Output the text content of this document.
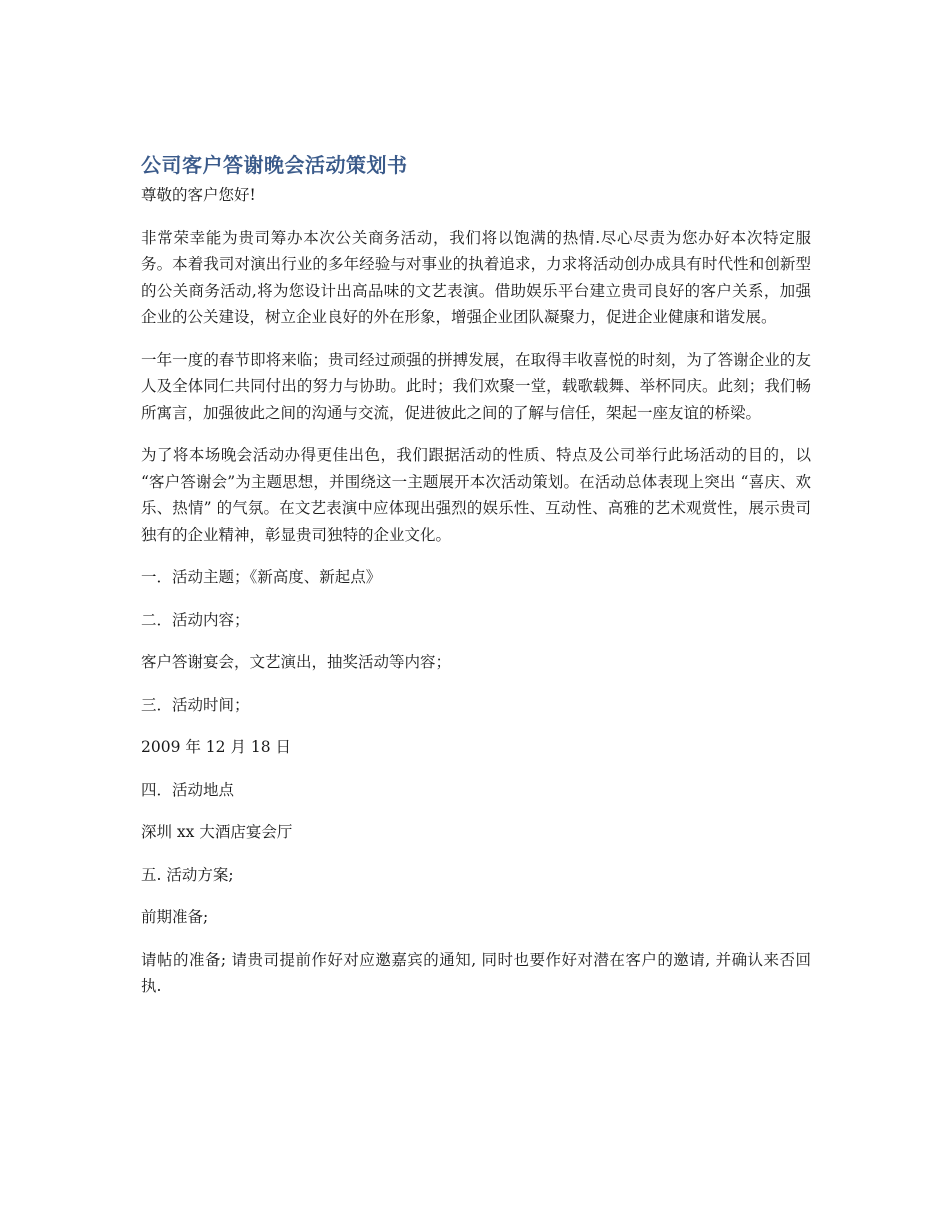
公司客户答谢晚会活动策划书

尊敬的客户您好!

非常荣幸能为贵司筹办本次公关商务活动，我们将以饱满的热情.尽心尽责为您办好本次特定服务。本着我司对演出行业的多年经验与对事业的执着追求，力求将活动创办成具有时代性和创新型的公关商务活动,将为您设计出高品味的文艺表演。借助娱乐平台建立贵司良好的客户关系，加强企业的公关建设，树立企业良好的外在形象，增强企业团队凝聚力，促进企业健康和谐发展。

一年一度的春节即将来临；贵司经过顽强的拼搏发展，在取得丰收喜悦的时刻，为了答谢企业的友人及全体同仁共同付出的努力与协助。此时；我们欢聚一堂，载歌载舞、举杯同庆。此刻；我们畅所寓言，加强彼此之间的沟通与交流，促进彼此之间的了解与信任，架起一座友谊的桥梁。

为了将本场晚会活动办得更佳出色，我们跟据活动的性质、特点及公司举行此场活动的目的，以 “客户答谢会”为主题思想，并围绕这一主题展开本次活动策划。在活动总体表现上突出 “喜庆、欢乐、热情” 的气氛。在文艺表演中应体现出强烈的娱乐性、互动性、高雅的艺术观赏性，展示贵司独有的企业精神，彰显贵司独特的企业文化。

一．活动主题；《新高度、新起点》

二．活动内容；

客户答谢宴会，文艺演出，抽奖活动等内容；

三．活动时间；

2009 年 12 月 18 日

四．活动地点

深圳 xx 大酒店宴会厅

五. 活动方案;

前期准备;

请帖的准备; 请贵司提前作好对应邀嘉宾的通知, 同时也要作好对潜在客户的邀请, 并确认来否回执.
